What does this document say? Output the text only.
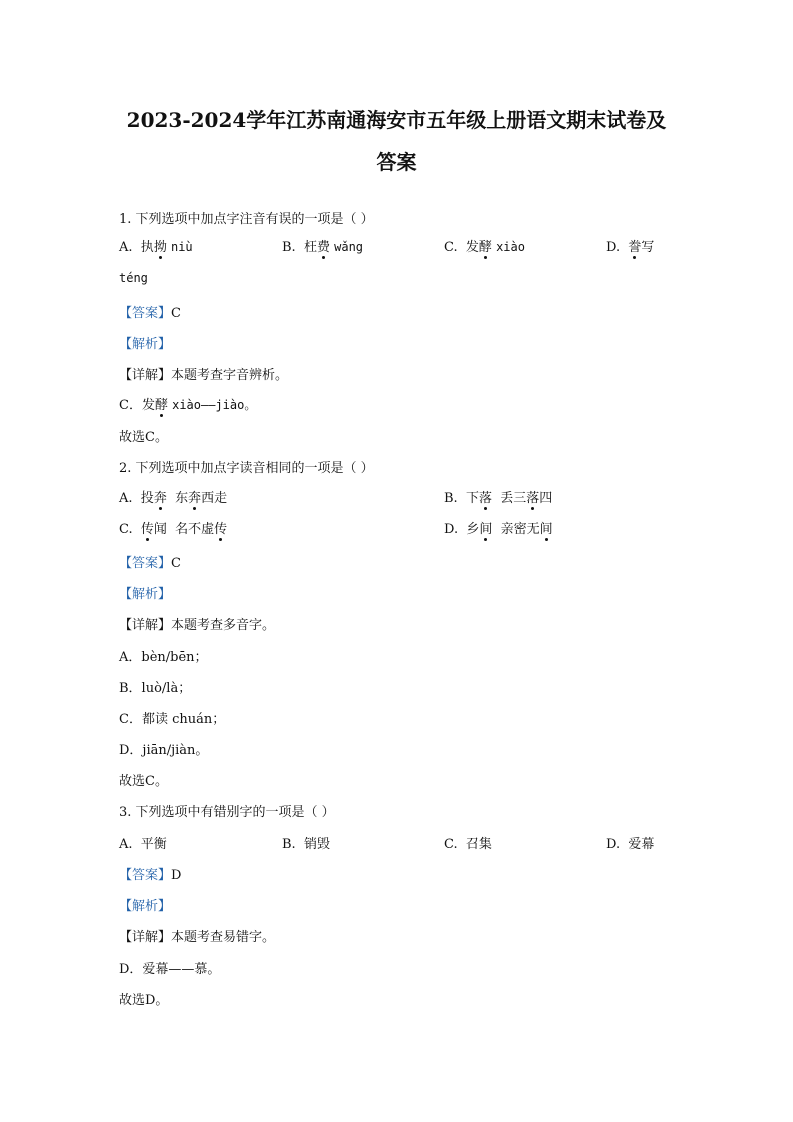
2023-2024学年江苏南通海安市五年级上册语文期末试卷及
答案
1. 下列选项中加点字注音有误的一项是（ ）
A. 执拗 niù	B. 枉费 wǎng	C. 发酵 xiào	D. 誊写
téng
【答案】C
【解析】
【详解】本题考查字音辨析。
C．发酵 xiào——jiào。
故选C。
2. 下列选项中加点字读音相同的一项是（ ）
A. 投奔 东奔西走	B. 下落 丢三落四
C. 传闻  名不虚传	D. 乡间 亲密无间
【答案】C
【解析】
【详解】本题考查多音字。
A．bèn/bēn；
B．luò/là；
C．都读 chuán；
D．jiān/jiàn。
故选C。
3. 下列选项中有错别字的一项是（ ）
A. 平衡	B. 销毁	C. 召集	D. 爱幕
【答案】D
【解析】
【详解】本题考查易错字。
D．爱幕——慕。
故选D。
